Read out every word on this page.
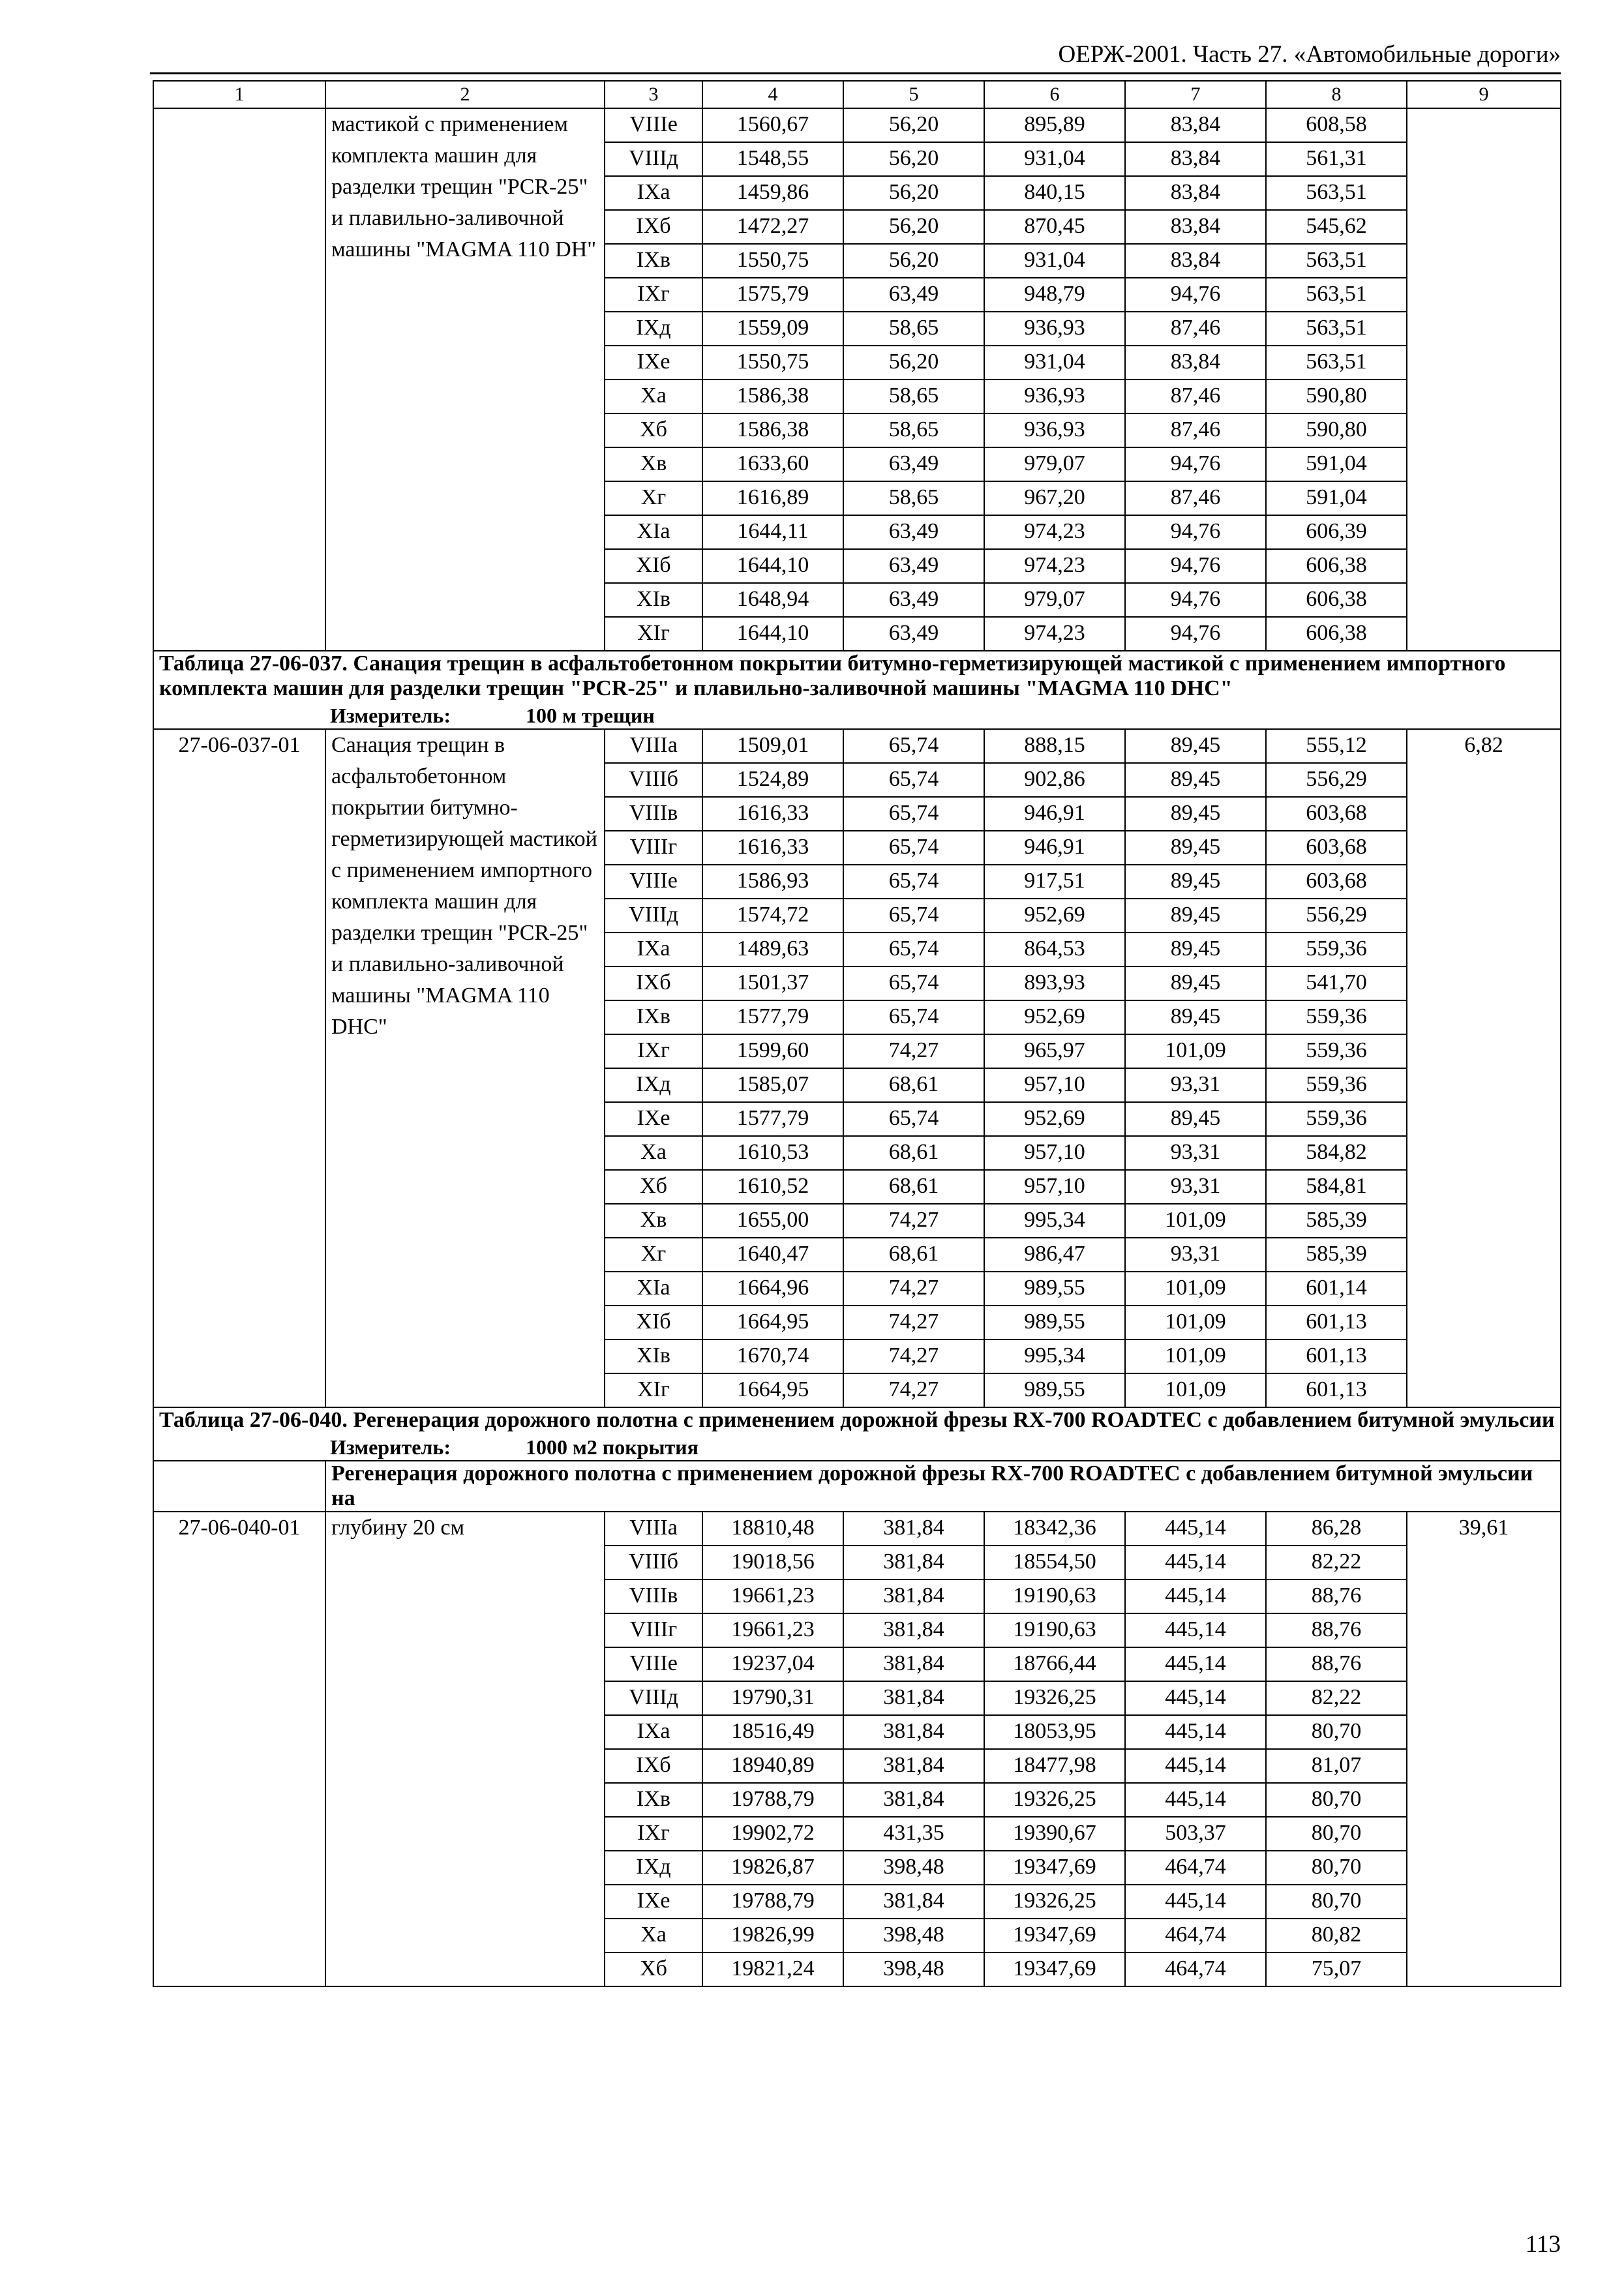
ОЕРЖ-2001. Часть 27. «Автомобильные дороги»
1	2	3	4	5	6	7	8	9
	мастикой с применением комплекта машин для разделки трещин "PCR-25" и плавильно-заливочной машины "MAGMA 110 DH"	VIIIе	1560,67	56,20	895,89	83,84	608,58	
		VIIIд	1548,55	56,20	931,04	83,84	561,31	
		IXа	1459,86	56,20	840,15	83,84	563,51	
		IXб	1472,27	56,20	870,45	83,84	545,62	
		IXв	1550,75	56,20	931,04	83,84	563,51	
		IXг	1575,79	63,49	948,79	94,76	563,51	
		IXд	1559,09	58,65	936,93	87,46	563,51	
		IXе	1550,75	56,20	931,04	83,84	563,51	
		Xа	1586,38	58,65	936,93	87,46	590,80	
		Xб	1586,38	58,65	936,93	87,46	590,80	
		Xв	1633,60	63,49	979,07	94,76	591,04	
		Xг	1616,89	58,65	967,20	87,46	591,04	
		XIа	1644,11	63,49	974,23	94,76	606,39	
		XIб	1644,10	63,49	974,23	94,76	606,38	
		XIв	1648,94	63,49	979,07	94,76	606,38	
		XIг	1644,10	63,49	974,23	94,76	606,38	

Таблица 27-06-037. Санация трещин в асфальтобетонном покрытии битумно-герметизирующей мастикой с применением импортного комплекта машин для разделки трещин "PCR-25" и плавильно-заливочной машины "MAGMA 110 DHC"
Измеритель: 100 м трещин								

27-06-037-01	Санация трещин в асфальтобетонном покрытии битумно-герметизирующей мастикой с применением импортного комплекта машин для разделки трещин "PCR-25" и плавильно-заливочной машины "MAGMA 110 DHC"	VIIIа	1509,01	65,74	888,15	89,45	555,12	6,82
		VIIIб	1524,89	65,74	902,86	89,45	556,29	
		VIIIв	1616,33	65,74	946,91	89,45	603,68	
		VIIIг	1616,33	65,74	946,91	89,45	603,68	
		VIIIе	1586,93	65,74	917,51	89,45	603,68	
		VIIIд	1574,72	65,74	952,69	89,45	556,29	
		IXа	1489,63	65,74	864,53	89,45	559,36	
		IXб	1501,37	65,74	893,93	89,45	541,70	
		IXв	1577,79	65,74	952,69	89,45	559,36	
		IXг	1599,60	74,27	965,97	101,09	559,36	
		IXд	1585,07	68,61	957,10	93,31	559,36	
		IXе	1577,79	65,74	952,69	89,45	559,36	
		Xа	1610,53	68,61	957,10	93,31	584,82	
		Xб	1610,52	68,61	957,10	93,31	584,81	
		Xв	1655,00	74,27	995,34	101,09	585,39	
		Xг	1640,47	68,61	986,47	93,31	585,39	
		XIа	1664,96	74,27	989,55	101,09	601,14	
		XIб	1664,95	74,27	989,55	101,09	601,13	
		XIв	1670,74	74,27	995,34	101,09	601,13	
		XIг	1664,95	74,27	989,55	101,09	601,13	

Таблица 27-06-040. Регенерация дорожного полотна с применением дорожной фрезы RX-700 ROADTEC с добавлением битумной эмульсии
Измеритель: 1000 м2 покрытия								

	Регенерация дорожного полотна с применением дорожной фрезы RX-700 ROADTEC с добавлением битумной эмульсии на							
27-06-040-01	глубину 20 см	VIIIа	18810,48	381,84	18342,36	445,14	86,28	39,61
		VIIIб	19018,56	381,84	18554,50	445,14	82,22	
		VIIIв	19661,23	381,84	19190,63	445,14	88,76	
		VIIIг	19661,23	381,84	19190,63	445,14	88,76	
		VIIIе	19237,04	381,84	18766,44	445,14	88,76	
		VIIIд	19790,31	381,84	19326,25	445,14	82,22	
		IXа	18516,49	381,84	18053,95	445,14	80,70	
		IXб	18940,89	381,84	18477,98	445,14	81,07	
		IXв	19788,79	381,84	19326,25	445,14	80,70	
		IXг	19902,72	431,35	19390,67	503,37	80,70	
		IXд	19826,87	398,48	19347,69	464,74	80,70	
		IXе	19788,79	381,84	19326,25	445,14	80,70	
		Xа	19826,99	398,48	19347,69	464,74	80,82	
		Xб	19821,24	398,48	19347,69	464,74	75,07	
113
